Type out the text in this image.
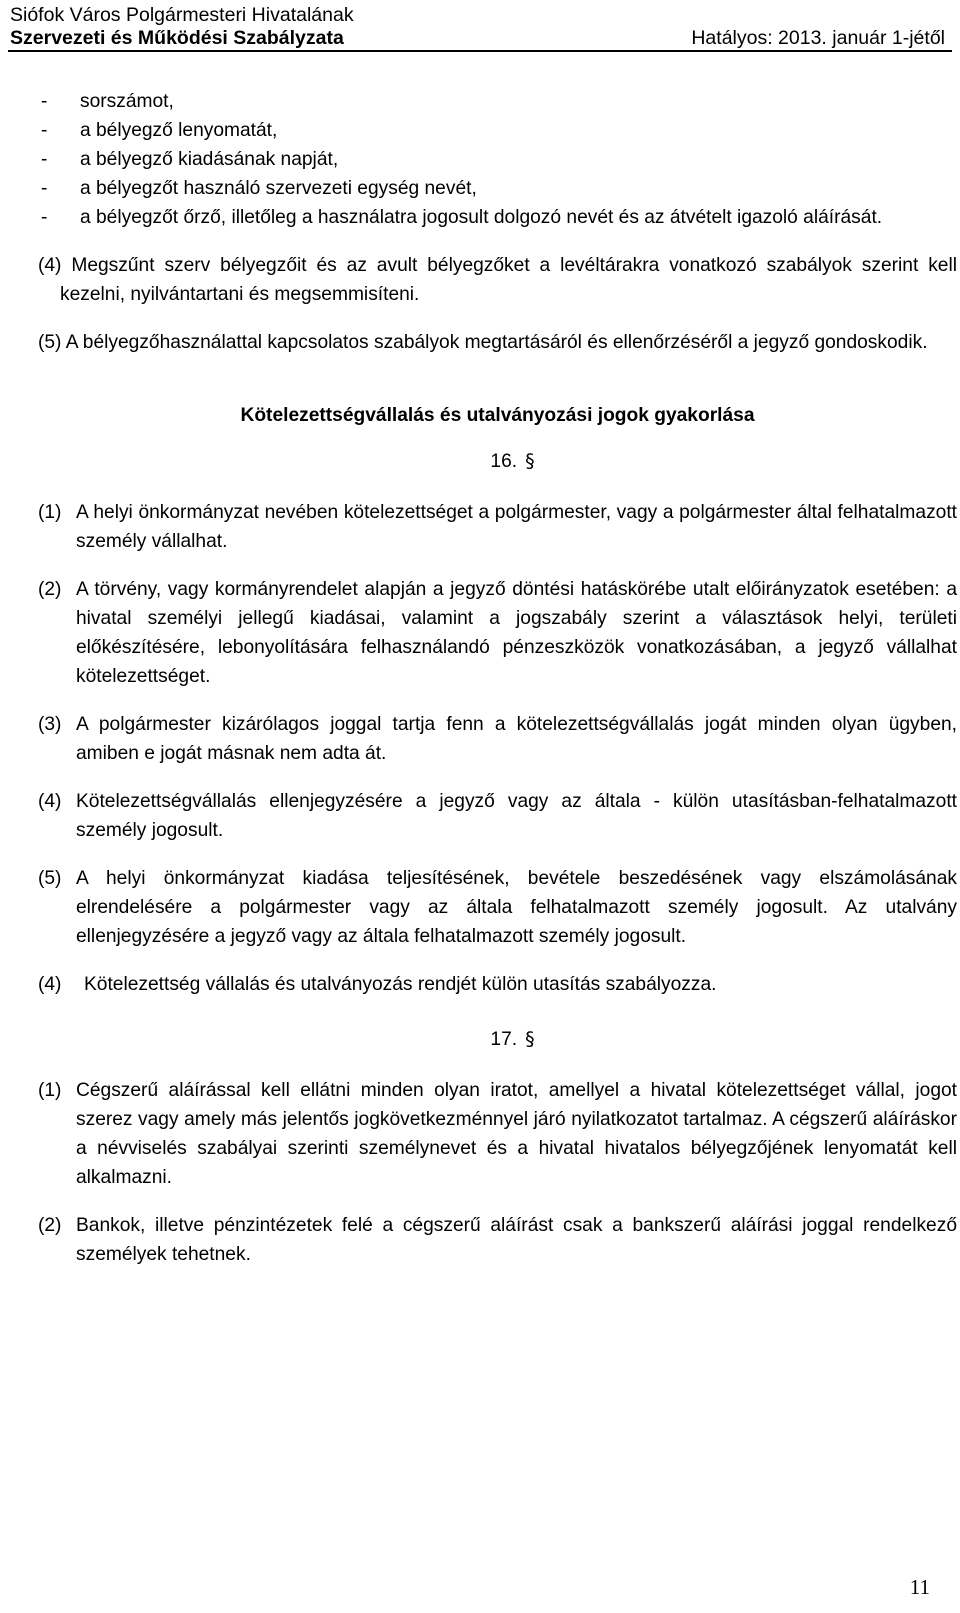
Siófok Város Polgármesteri Hivatalának
Szervezeti és Működési Szabályzata	Hatályos: 2013. január 1-jétől
- sorszámot,
- a bélyegző lenyomatát,
- a bélyegző kiadásának napját,
- a bélyegzőt használó szervezeti egység nevét,
- a bélyegzőt őrző, illetőleg a használatra jogosult dolgozó nevét és az átvételt igazoló aláírását.

(4) Megszűnt szerv bélyegzőit és az avult bélyegzőket a levéltárakra vonatkozó szabályok szerint kell kezelni, nyilvántartani és megsemmisíteni.

(5) A bélyegzőhasználattal kapcsolatos szabályok megtartásáról és ellenőrzéséről a jegyző gondoskodik.

Kötelezettségvállalás és utalványozási jogok gyakorlása

16. §

(1) A helyi önkormányzat nevében kötelezettséget a polgármester, vagy a polgármester által felhatalmazott személy vállalhat.
(2) A törvény, vagy kormányrendelet alapján a jegyző döntési hatáskörébe utalt előirányzatok esetében: a hivatal személyi jellegű kiadásai, valamint a jogszabály szerint a választások helyi, területi előkészítésére, lebonyolítására felhasználandó pénzeszközök vonatkozásában, a jegyző vállalhat kötelezettséget.
(3) A polgármester kizárólagos joggal tartja fenn a kötelezettségvállalás jogát minden olyan ügyben, amiben e jogát másnak nem adta át.
(4) Kötelezettségvállalás ellenjegyzésére a jegyző vagy az általa - külön utasításban-felhatalmazott személy jogosult.
(5) A helyi önkormányzat kiadása teljesítésének, bevétele beszedésének vagy elszámolásának elrendelésére a polgármester vagy az általa felhatalmazott személy jogosult. Az utalvány ellenjegyzésére a jegyző vagy az általa felhatalmazott személy jogosult.
(4)	Kötelezettség vállalás és utalványozás rendjét külön utasítás szabályozza.

17. §

(1) Cégszerű aláírással kell ellátni minden olyan iratot, amellyel a hivatal kötelezettséget vállal, jogot szerez vagy amely más jelentős jogkövetkezménnyel járó nyilatkozatot tartalmaz. A cégszerű aláíráskor a névviselés szabályai szerinti személynevet és a hivatal hivatalos bélyegzőjének lenyomatát kell alkalmazni.
(2) Bankok, illetve pénzintézetek felé a cégszerű aláírást csak a bankszerű aláírási joggal rendelkező személyek tehetnek.
11
